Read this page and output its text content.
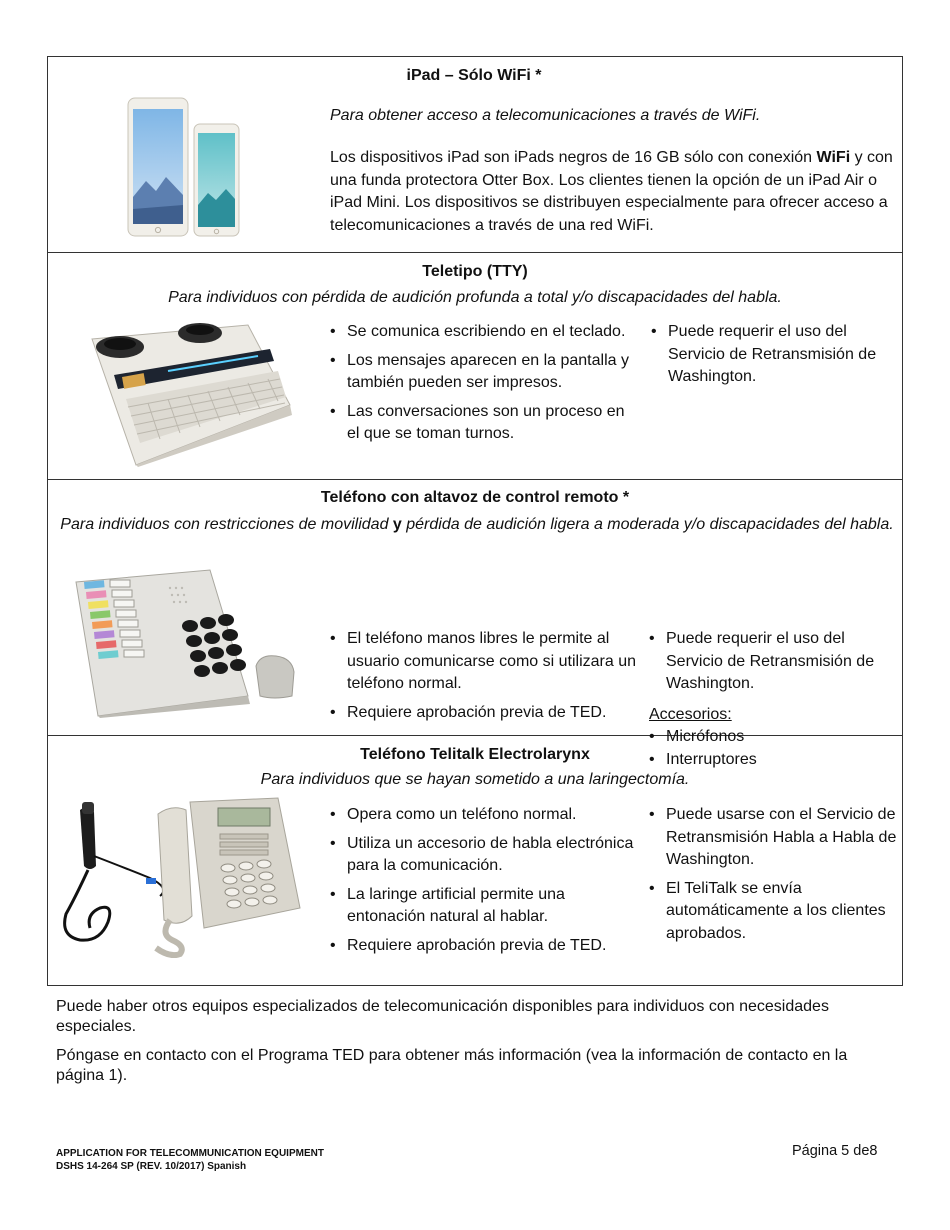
iPad – Sólo WiFi *
Para obtener acceso a telecomunicaciones a través de WiFi.
Los dispositivos iPad son iPads negros de 16 GB sólo con conexión WiFi y con una funda protectora Otter Box. Los clientes tienen la opción de un iPad Air o iPad Mini. Los dispositivos se distribuyen especialmente para ofrecer acceso a telecomunicaciones a través de una red WiFi.
Teletipo (TTY)
Para individuos con pérdida de audición profunda a total y/o discapacidades del habla.
• Se comunica escribiendo en el teclado.
• Los mensajes aparecen en la pantalla y también pueden ser impresos.
• Las conversaciones son un proceso en el que se toman turnos.
• Puede requerir el uso del Servicio de Retransmisión de Washington.
Teléfono con altavoz de control remoto *
Para individuos con restricciones de movilidad y pérdida de audición ligera a moderada y/o discapacidades del habla.
• El teléfono manos libres le permite al usuario comunicarse como si utilizara un teléfono normal.
• Requiere aprobación previa de TED.
• Puede requerir el uso del Servicio de Retransmisión de Washington.
Accesorios:
• Micrófonos
• Interruptores
Teléfono Telitalk Electrolarynx
Para individuos que se hayan sometido a una laringectomía.
• Opera como un teléfono normal.
• Utiliza un accesorio de habla electrónica para la comunicación.
• La laringe artificial permite una entonación natural al hablar.
• Requiere aprobación previa de TED.
• Puede usarse con el Servicio de Retransmisión Habla a Habla de Washington.
• El TeliTalk se envía automáticamente a los clientes aprobados.

Puede haber otros equipos especializados de telecomunicación disponibles para individuos con necesidades especiales.

Póngase en contacto con el Programa TED para obtener más información (vea la información de contacto en la página 1).

APPLICATION FOR TELECOMMUNICATION EQUIPMENT
DSHS 14-264 SP (REV. 10/2017) Spanish
Página 5 de8
